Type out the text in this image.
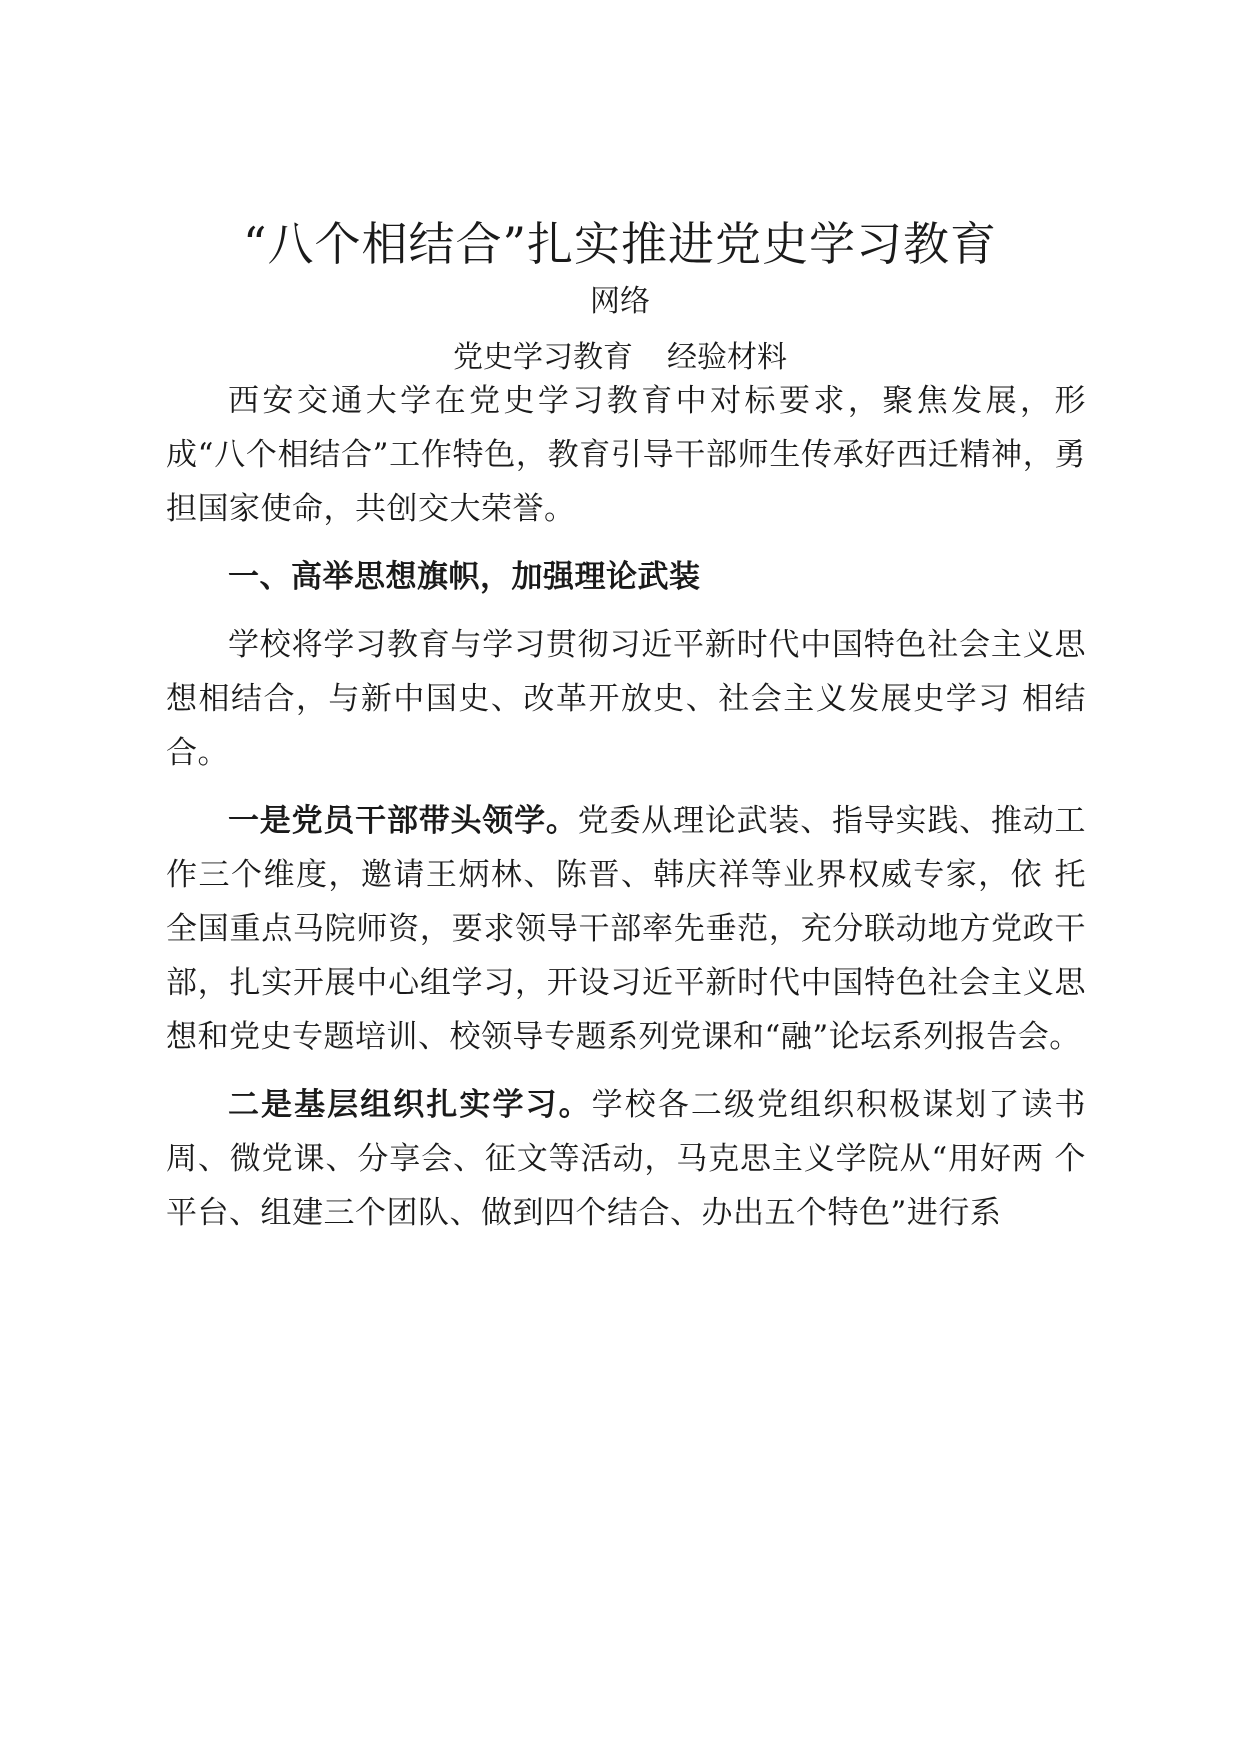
“八个相结合”扎实推进党史学习教育
网络
党史学习教育 经验材料

西安交通大学在党史学习教育中对标要求，聚焦发展，形成“八个相结合”工作特色，教育引导干部师生传承好西迁精神，勇担国家使命，共创交大荣誉。

一、高举思想旗帜，加强理论武装

学校将学习教育与学习贯彻习近平新时代中国特色社会主义思想相结合，与新中国史、改革开放史、社会主义发展史学习 相结合。

一是党员干部带头领学。党委从理论武装、指导实践、推动工作三个维度，邀请王炳林、陈晋、韩庆祥等业界权威专家，依 托全国重点马院师资，要求领导干部率先垂范，充分联动地方党政干部，扎实开展中心组学习，开设习近平新时代中国特色社会主义思想和党史专题培训、校领导专题系列党课和“融”论坛系列报告会。

二是基层组织扎实学习。学校各二级党组织积极谋划了读书周、微党课、分享会、征文等活动，马克思主义学院从“用好两 个平台、组建三个团队、做到四个结合、办出五个特色”进行系
